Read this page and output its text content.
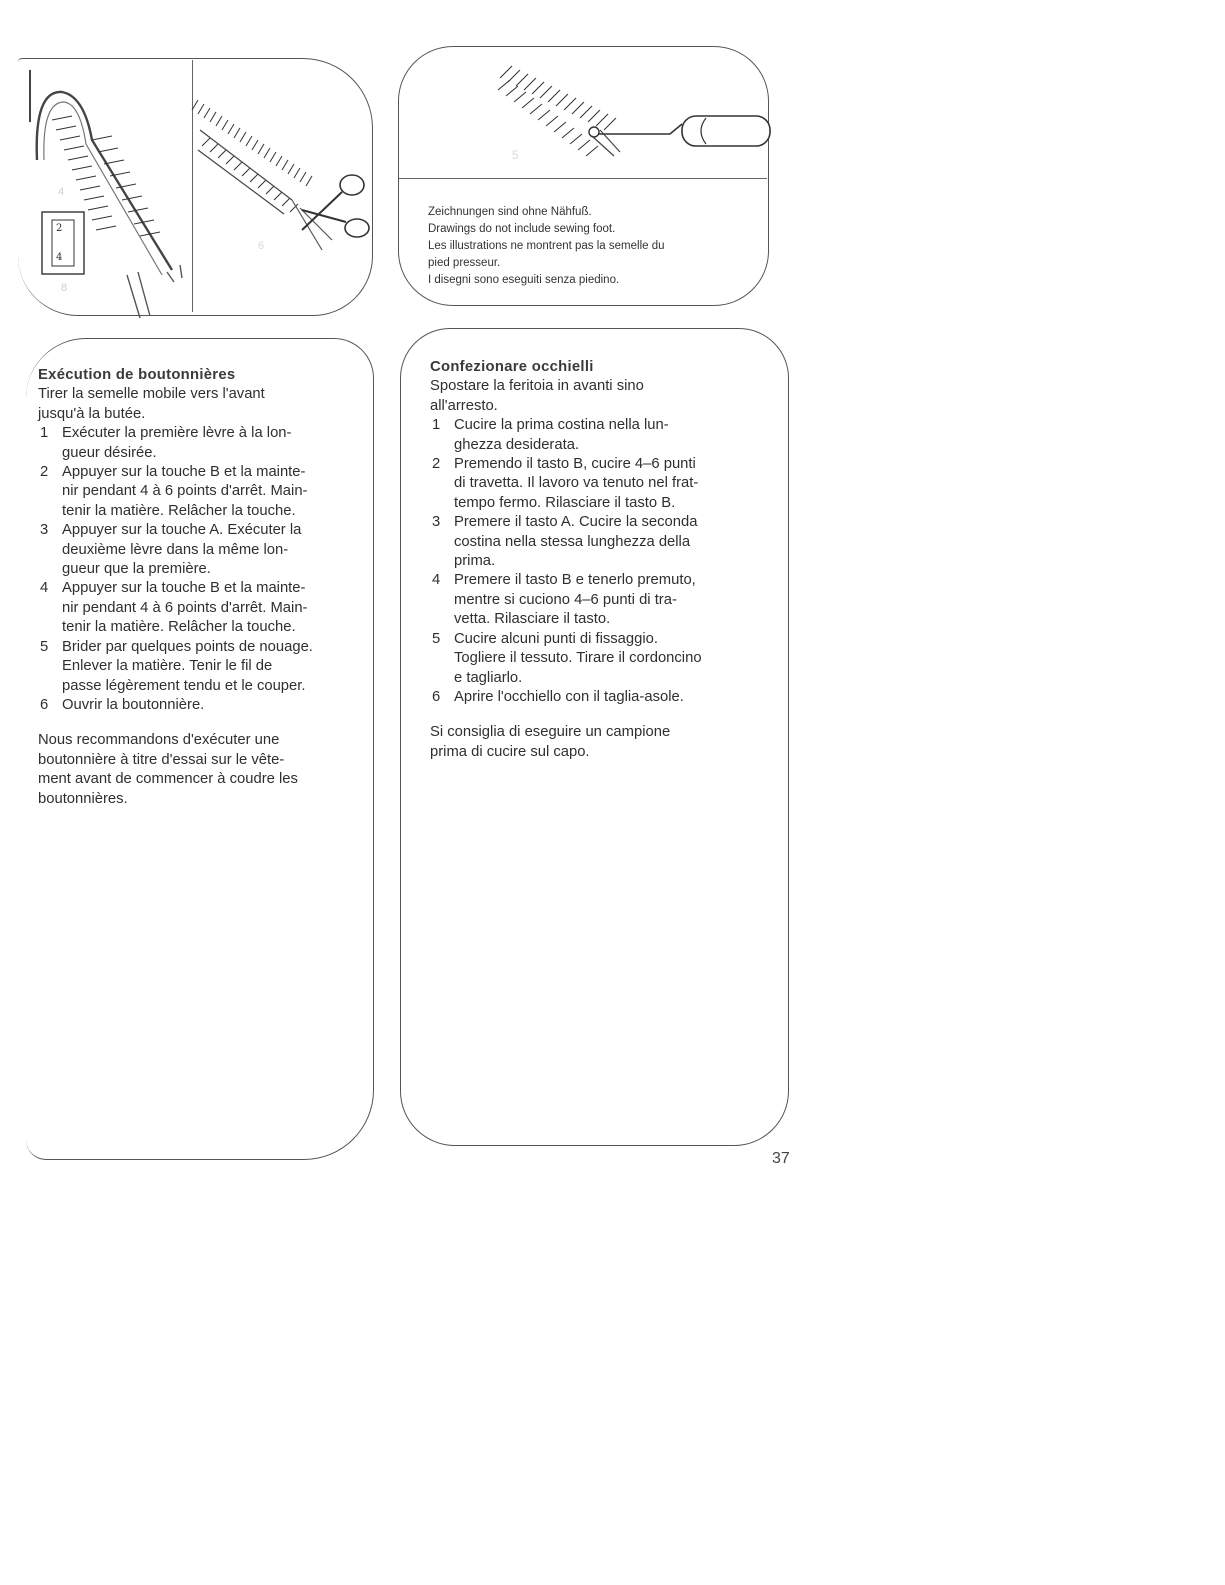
2
4
4
8
6
5
Zeichnungen sind ohne Nähfuß.
Drawings do not include sewing foot.
Les illustrations ne montrent pas la semelle du
pied presseur.
I disegni sono eseguiti senza piedino.
Exécution de boutonnières
Tirer la semelle mobile vers l'avant
jusqu'à la butée.
1 Exécuter la première lèvre à la lon-
gueur désirée.
2 Appuyer sur la touche B et la mainte-
nir pendant 4 à 6 points d'arrêt. Main-
tenir la matière. Relâcher la touche.
3 Appuyer sur la touche A. Exécuter la
deuxième lèvre dans la même lon-
gueur que la première.
4 Appuyer sur la touche B et la mainte-
nir pendant 4 à 6 points d'arrêt. Main-
tenir la matière. Relâcher la touche.
5 Brider par quelques points de nouage.
Enlever la matière. Tenir le fil de
passe légèrement tendu et le couper.
6 Ouvrir la boutonnière.
Nous recommandons d'exécuter une
boutonnière à titre d'essai sur le vête-
ment avant de commencer à coudre les
boutonnières.
Confezionare occhielli
Spostare la feritoia in avanti sino
all'arresto.
1 Cucire la prima costina nella lun-
ghezza desiderata.
2 Premendo il tasto B, cucire 4–6 punti
di travetta. Il lavoro va tenuto nel frat-
tempo fermo. Rilasciare il tasto B.
3 Premere il tasto A. Cucire la seconda
costina nella stessa lunghezza della
prima.
4 Premere il tasto B e tenerlo premuto,
mentre si cuciono 4–6 punti di tra-
vetta. Rilasciare il tasto.
5 Cucire alcuni punti di fissaggio.
Togliere il tessuto. Tirare il cordoncino
e tagliarlo.
6 Aprire l'occhiello con il taglia-asole.
Si consiglia di eseguire un campione
prima di cucire sul capo.
37
